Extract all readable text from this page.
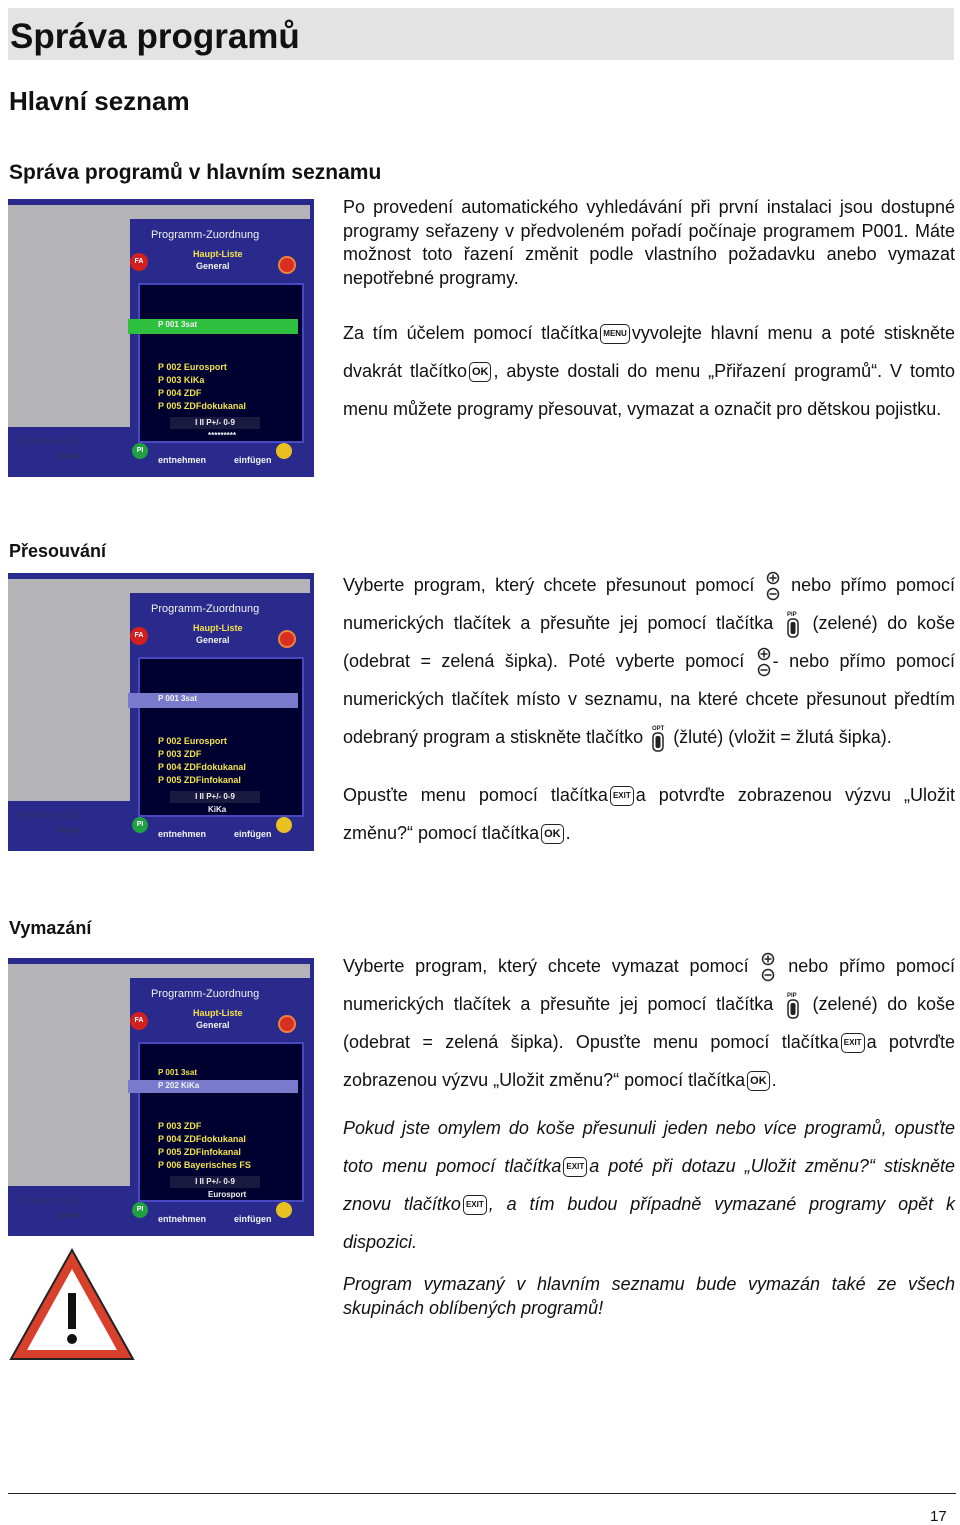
Správa programů
Hlavní seznam
Správa programů v hlavním seznamu
Programm-Zuordnung
Haupt-Liste
General
FA
P 001 3sat
P 002 Eurosport
P 003 KiKa
P 004 ZDF
P 005 ZDFdokukanal
I II P+/- 0-9
*********
Verlassen (EX)
◀◀◀
PI
entnehmen	einfügen

Po provedení automatického vyhledávání při první instalaci jsou dostupné programy seřazeny v předvoleném pořadí počínaje programem P001. Máte možnost toto řazení změnit podle vlastního požadavku anebo vymazat nepotřebné programy.

Za tím účelem pomocí tlačítka MENU vyvolejte hlavní menu a poté stiskněte dvakrát tlačítko OK , abyste dostali do menu „Přiřazení programů“. V tomto menu můžete programy přesouvat, vymazat a označit pro dětskou pojistku.

Přesouvání
Programm-Zuordnung
Haupt-Liste
General
FA
P 001 3sat
P 002 Eurosport
P 003 ZDF
P 004 ZDFdokukanal
P 005 ZDFinfokanal
I II P+/- 0-9
KiKa
Verlassen (EX)
◀◀◀
PI
entnehmen	einfügen

Vyberte program, který chcete přesunout pomocí nebo přímo pomocí numerických tlačítek a přesuňte jej pomocí tlačítka PIP (zelené) do koše (odebrat = zelená šipka). Poté vyberte pomocí - nebo přímo pomocí numerických tlačítek místo v seznamu, na které chcete přesunout předtím odebraný program a stiskněte tlačítko OPT (žluté) (vložit = žlutá šipka).

Opusťte menu pomocí tlačítka EXIT a potvrďte zobrazenou výzvu „Uložit změnu?“ pomocí tlačítka OK .

Vymazání
Programm-Zuordnung
Haupt-Liste
General
FA
P 001 3sat
P 202 KiKa
P 003 ZDF
P 004 ZDFdokukanal
P 005 ZDFinfokanal
P 006 Bayerisches FS
I II P+/- 0-9
Eurosport
Verlassen (EX)
◀◀◀
PI
entnehmen	einfügen

Vyberte program, který chcete vymazat pomocí nebo přímo pomocí numerických tlačítek a přesuňte jej pomocí tlačítka PIP (zelené) do koše (odebrat = zelená šipka). Opusťte menu pomocí tlačítka EXIT a potvrďte zobrazenou výzvu „Uložit změnu?“ pomocí tlačítka OK .

Pokud jste omylem do koše přesunuli jeden nebo více programů, opusťte toto menu pomocí tlačítka EXIT a poté při dotazu „Uložit změnu?“ stiskněte znovu tlačítko EXIT , a tím budou případně vymazané programy opět k dispozici.

Program vymazaný v hlavním seznamu bude vymazán také ze všech skupinách oblíbených programů!

17
